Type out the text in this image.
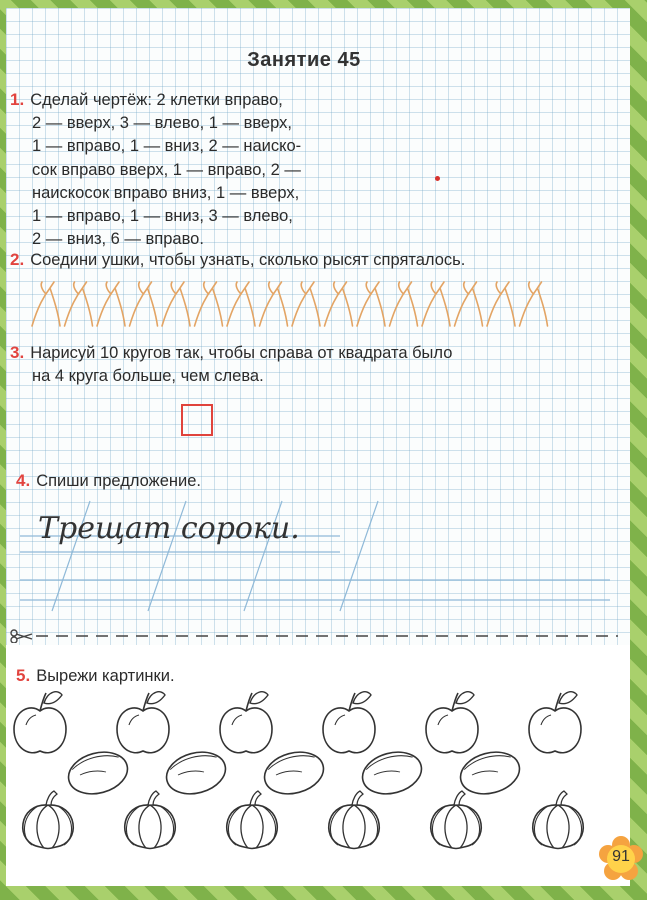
Занятие 45
1. Сделай чертёж: 2 клетки вправо,
2 — вверх, 3 — влево, 1 — вверх,
1 — вправо, 1 — вниз, 2 — наиско-
сок вправо вверх, 1 — вправо, 2 —
наискосок вправо вниз, 1 — вверх,
1 — вправо, 1 — вниз, 3 — влево,
2 — вниз, 6 — вправо.
2. Соедини ушки, чтобы узнать, сколько рысят спряталось.
3. Нарисуй 10 кругов так, чтобы справа от квадрата было
на 4 круга больше, чем слева.
4. Спиши предложение.
Трещат сороки.
5. Вырежи картинки.
91
